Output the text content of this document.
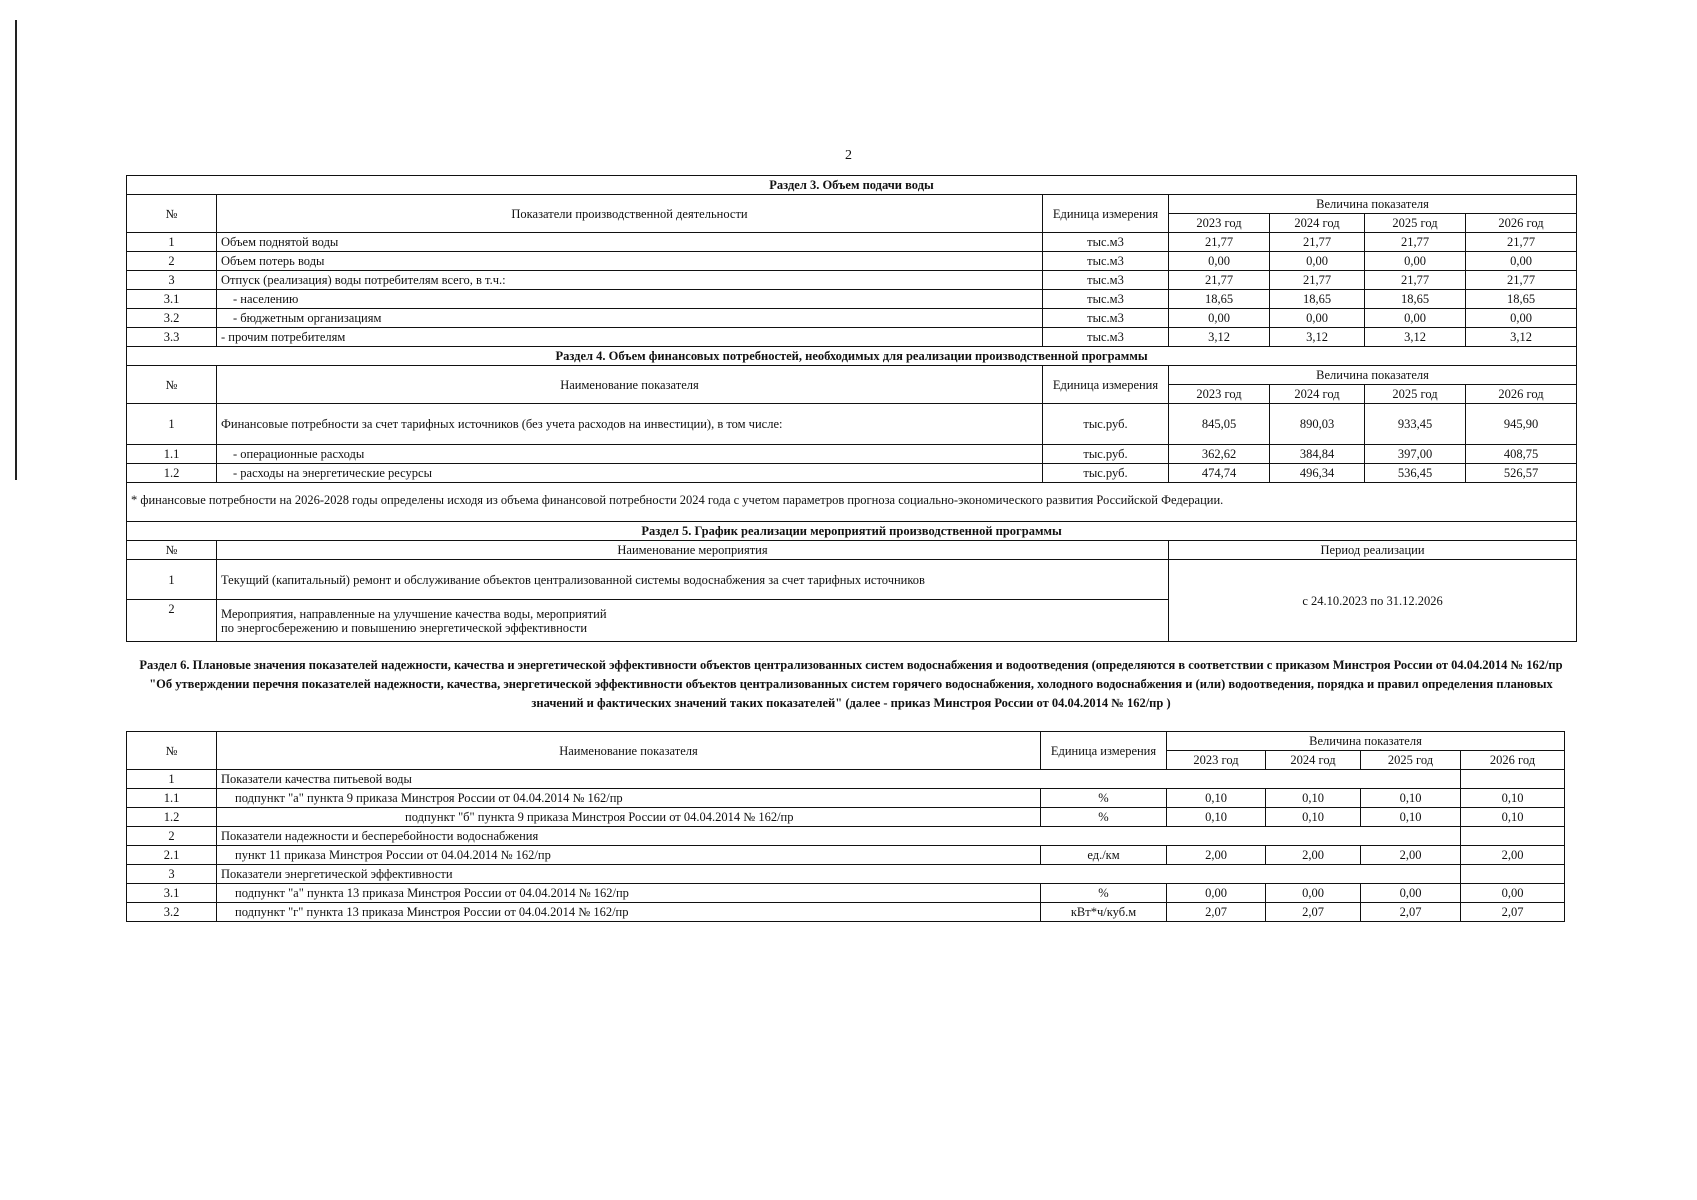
2
Раздел 3. Объем подачи воды						
№	Показатели производственной деятельности	Единица измерения	Величина показателя			
			2023 год	2024 год	2025 год	2026 год
1	Объем поднятой воды	тыс.м3	21,77	21,77	21,77	21,77
2	Объем потерь воды	тыс.м3	0,00	0,00	0,00	0,00
3	Отпуск (реализация) воды потребителям всего, в т.ч.:	тыс.м3	21,77	21,77	21,77	21,77
3.1	- населению	тыс.м3	18,65	18,65	18,65	18,65
3.2	- бюджетным организациям	тыс.м3	0,00	0,00	0,00	0,00
3.3	- прочим потребителям	тыс.м3	3,12	3,12	3,12	3,12
Раздел 4. Объем финансовых потребностей, необходимых для реализации производственной программы						
№	Наименование показателя	Единица измерения	Величина показателя			
			2023 год	2024 год	2025 год	2026 год
1	Финансовые потребности за счет тарифных источников (без учета расходов на инвестиции), в том числе:	тыс.руб.	845,05	890,03	933,45	945,90
1.1	- операционные расходы	тыс.руб.	362,62	384,84	397,00	408,75
1.2	- расходы на энергетические ресурсы	тыс.руб.	474,74	496,34	536,45	526,57
* финансовые потребности на 2026-2028 годы определены исходя из объема финансовой потребности 2024 года с учетом параметров прогноза социально-экономического развития Российской Федерации.						
Раздел 5. График реализации мероприятий производственной программы						
№	Наименование мероприятия		Период реализации			
1	Текущий (капитальный) ремонт и обслуживание объектов централизованной системы водоснабжения за счет тарифных источников		с 24.10.2023 по 31.12.2026			
2	Мероприятия, направленные на улучшение качества воды, мероприятий
по энергосбережению и повышению энергетической эффективности					
Раздел 6. Плановые значения показателей надежности, качества и энергетической эффективности объектов централизованных систем водоснабжения и водоотведения (определяются в соответствии с приказом Минстроя России от 04.04.2014 № 162/пр "Об утверждении перечня показателей надежности, качества, энергетической эффективности объектов централизованных систем горячего водоснабжения, холодного водоснабжения и (или) водоотведения, порядка и правил определения плановых значений и фактических значений таких показателей" (далее - приказ Минстроя России от 04.04.2014 № 162/пр )
№	Наименование показателя	Единица измерения	Величина показателя			
			2023 год	2024 год	2025 год	2026 год
1	Показатели качества питьевой воды					
1.1	подпункт "а" пункта 9 приказа Минстроя России от 04.04.2014 № 162/пр	%	0,10	0,10	0,10	0,10
1.2	подпункт "б" пункта 9 приказа Минстроя России от 04.04.2014 № 162/пр	%	0,10	0,10	0,10	0,10
2	Показатели надежности и бесперебойности водоснабжения					
2.1	пункт 11 приказа Минстроя России от 04.04.2014 № 162/пр	ед./км	2,00	2,00	2,00	2,00
3	Показатели энергетической эффективности					
3.1	подпункт "а" пункта 13 приказа Минстроя России от 04.04.2014 № 162/пр	%	0,00	0,00	0,00	0,00
3.2	подпункт "г" пункта 13 приказа Минстроя России от 04.04.2014 № 162/пр	кВт*ч/куб.м	2,07	2,07	2,07	2,07
